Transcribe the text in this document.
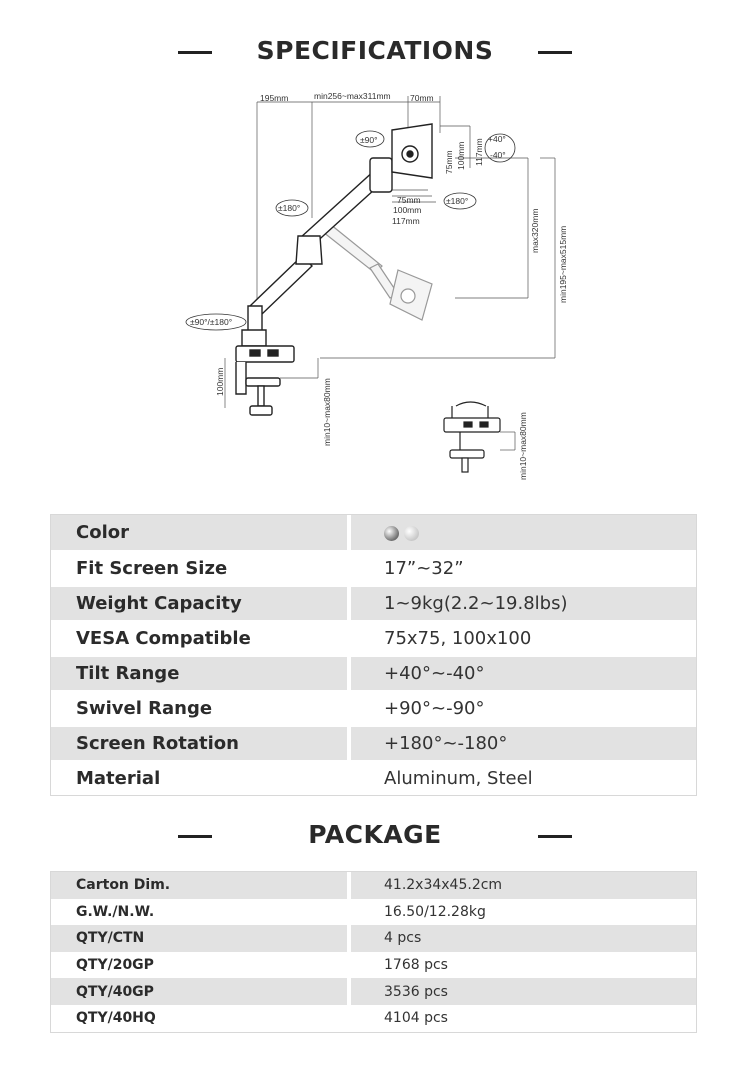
SPECIFICATIONS
195mm	min256~max311mm 70mm
±90°	+40°
-40°
75mm
100mm
117mm
75mm 100mm 117mm
±180°
±180°
±90°/±180°
max320mm min195~max515mm
100mm	min10~max80mm
min10~max80mm
Color	
Fit Screen Size	17”~32”
Weight Capacity	1~9kg(2.2~19.8lbs)
VESA Compatible	75x75, 100x100
Tilt Range	+40°~-40°
Swivel Range	+90°~-90°
Screen Rotation	+180°~-180°
Material	Aluminum, Steel
PACKAGE
Carton Dim.	41.2x34x45.2cm
G.W./N.W.	16.50/12.28kg
QTY/CTN	4 pcs
QTY/20GP	1768 pcs
QTY/40GP	3536 pcs
QTY/40HQ	4104 pcs
